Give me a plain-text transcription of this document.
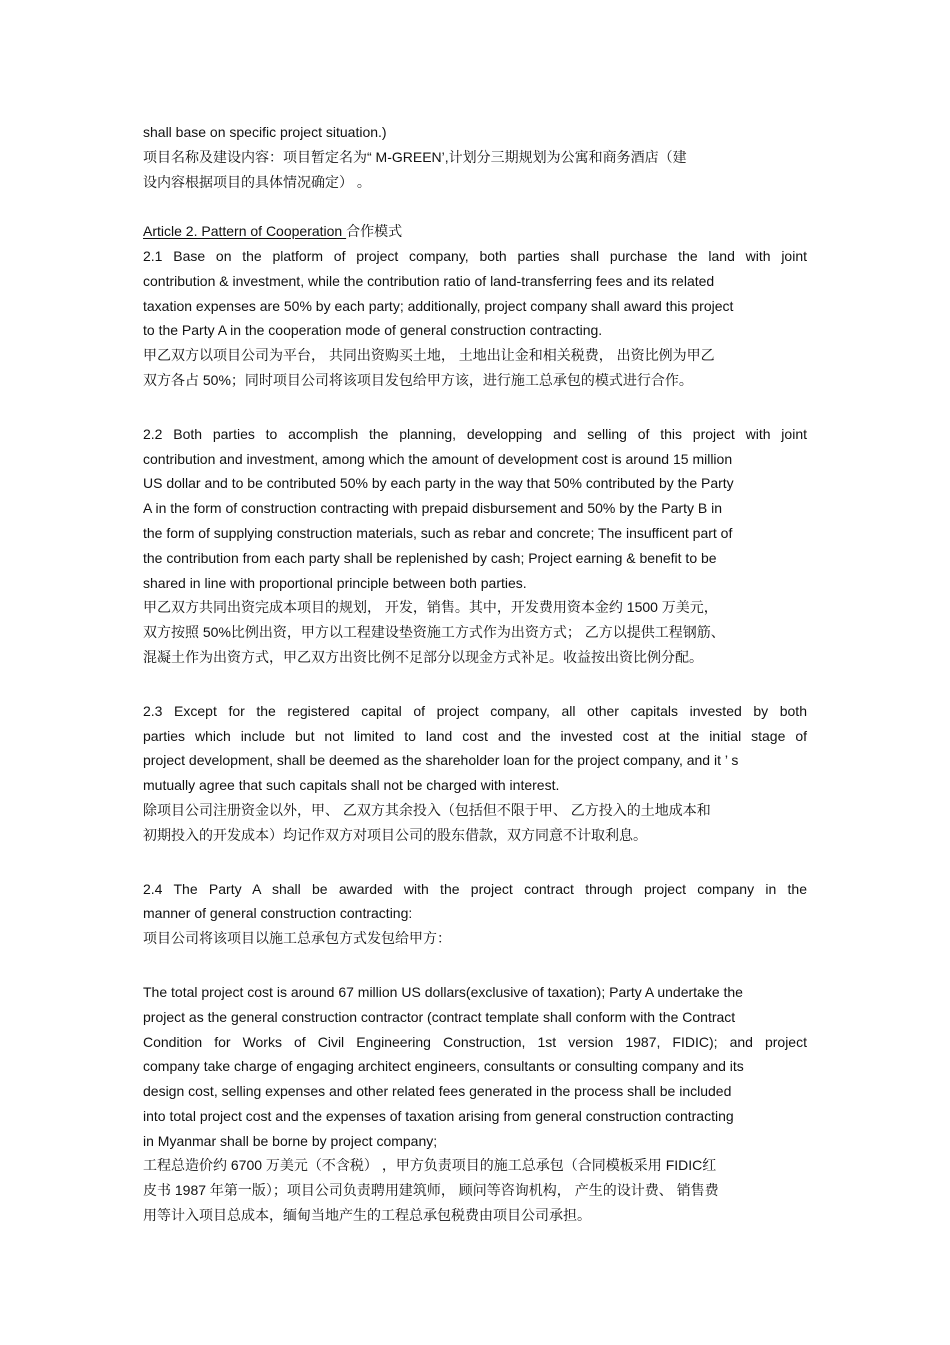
shall base on specific project situation.)
项目名称及建设内容：项目暂定名为“ M-GREEN’,计划分三期规划为公寓和商务酒店（建
设内容根据项目的具体情况确定） 。
Article 2. Pattern of Cooperation 合作模式
2.1 Base on the platform of project company, both parties shall purchase the land with joint
contribution & investment, while the contribution ratio of land-transferring fees and its related
taxation expenses are 50% by each party; additionally, project company shall award this project
to the Party A in the cooperation mode of general construction contracting.
甲乙双方以项目公司为平台， 共同出资购买土地， 土地出让金和相关税费， 出资比例为甲乙
双方各占 50%；同时项目公司将该项目发包给甲方该，进行施工总承包的模式进行合作。
2.2 Both parties to accomplish the planning, developping and selling of this project with joint
contribution and investment, among which the amount of development cost is around 15 million
US dollar and to be contributed 50% by each party in the way that 50% contributed by the Party
A in the form of construction contracting with prepaid disbursement and 50% by the Party B in
the form of supplying construction materials, such as rebar and concrete; The insufficent part of
the contribution from each party shall be replenished by cash; Project earning & benefit to be
shared in line with proportional principle between both parties.
甲乙双方共同出资完成本项目的规划， 开发，销售。其中，开发费用资本金约 1500 万美元，
双方按照 50%比例出资，甲方以工程建设垫资施工方式作为出资方式； 乙方以提供工程钢筋、
混凝土作为出资方式，甲乙双方出资比例不足部分以现金方式补足。收益按出资比例分配。
2.3 Except for the registered capital of project company, all other capitals invested by both
parties which include but not limited to land cost and the invested cost at the initial stage of
project development, shall be deemed as the shareholder loan for the project company, and it ’ s
mutually agree that such capitals shall not be charged with interest.
除项目公司注册资金以外，甲、 乙双方其余投入（包括但不限于甲、 乙方投入的土地成本和
初期投入的开发成本）均记作双方对项目公司的股东借款，双方同意不计取利息。
2.4 The Party A shall be awarded with the project contract through project company in the
manner of general construction contracting:
项目公司将该项目以施工总承包方式发包给甲方：
The total project cost is around 67 million US dollars(exclusive of taxation); Party A undertake the
project as the general construction contractor (contract template shall conform with the Contract
Condition for Works of Civil Engineering Construction, 1st version 1987, FIDIC); and project
company take charge of engaging architect engineers, consultants or consulting company and its
design cost, selling expenses and other related fees generated in the process shall be included
into total project cost and the expenses of taxation arising from general construction contracting
in Myanmar shall be borne by project company;
工程总造价约 6700 万美元（不含税） ，甲方负责项目的施工总承包（合同模板采用 FIDIC红
皮书 1987 年第一版）；项目公司负责聘用建筑师， 顾问等咨询机构， 产生的设计费、 销售费
用等计入项目总成本，缅甸当地产生的工程总承包税费由项目公司承担。
